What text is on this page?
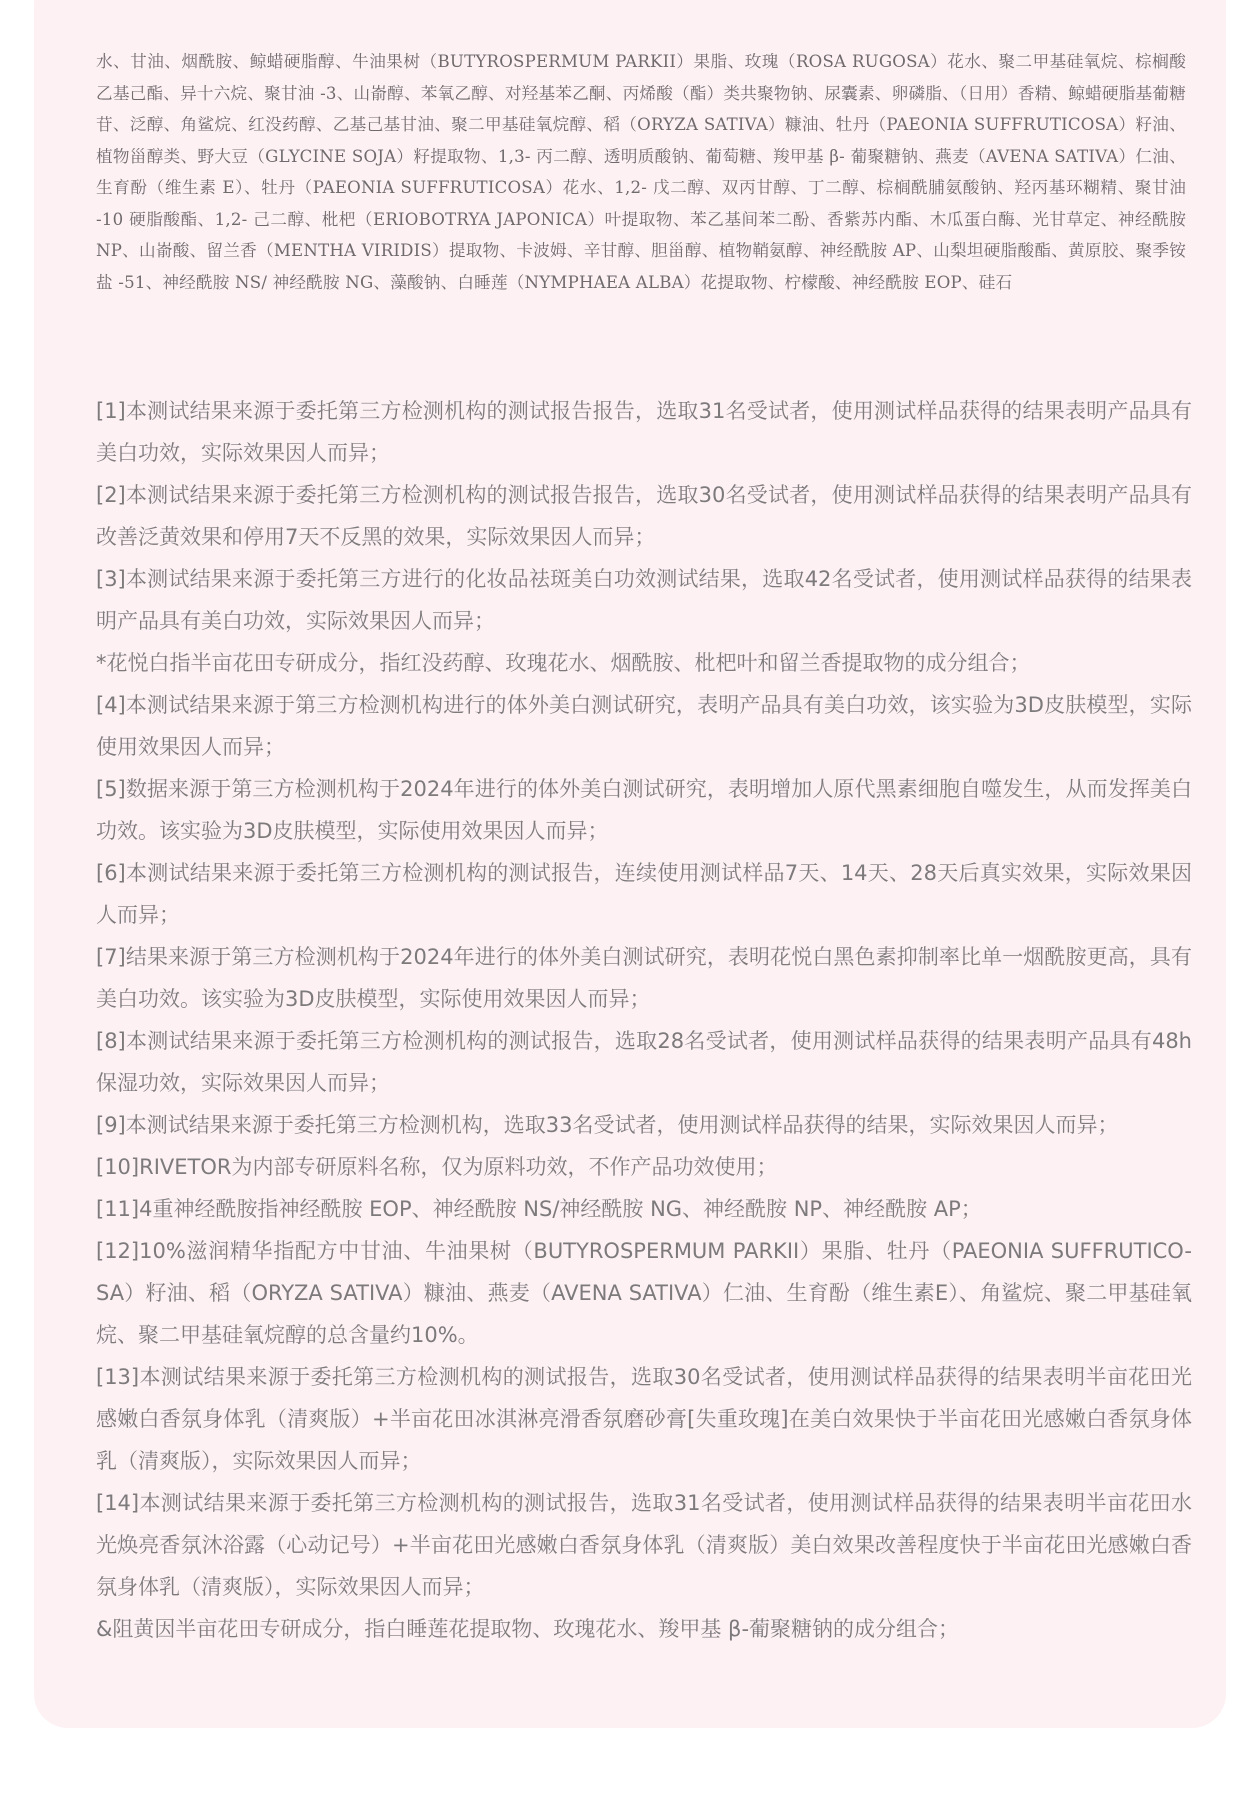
水、甘油、烟酰胺、鲸蜡硬脂醇、牛油果树（BUTYROSPERMUM PARKII）果脂、玫瑰（ROSA RUGOSA）花水、聚二甲基硅氧烷、棕榈酸乙基己酯、异十六烷、聚甘油 -3、山嵛醇、苯氧乙醇、对羟基苯乙酮、丙烯酸（酯）类共聚物钠、尿囊素、卵磷脂、（日用）香精、鲸蜡硬脂基葡糖苷、泛醇、角鲨烷、红没药醇、乙基己基甘油、聚二甲基硅氧烷醇、稻（ORYZA SATIVA）糠油、牡丹（PAEONIA SUFFRUTICOSA）籽油、植物甾醇类、野大豆（GLYCINE SOJA）籽提取物、1,3- 丙二醇、透明质酸钠、葡萄糖、羧甲基 β- 葡聚糖钠、燕麦（AVENA SATIVA）仁油、生育酚（维生素 E）、牡丹（PAEONIA SUFFRUTICOSA）花水、1,2- 戊二醇、双丙甘醇、丁二醇、棕榈酰脯氨酸钠、羟丙基环糊精、聚甘油 -10 硬脂酸酯、1,2- 己二醇、枇杷（ERIOBOTRYA JAPONICA）叶提取物、苯乙基间苯二酚、香紫苏内酯、木瓜蛋白酶、光甘草定、神经酰胺 NP、山嵛酸、留兰香（MENTHA VIRIDIS）提取物、卡波姆、辛甘醇、胆甾醇、植物鞘氨醇、神经酰胺 AP、山梨坦硬脂酸酯、黄原胶、聚季铵盐 -51、神经酰胺 NS/ 神经酰胺 NG、藻酸钠、白睡莲（NYMPHAEA ALBA）花提取物、柠檬酸、神经酰胺 EOP、硅石

[1]本测试结果来源于委托第三方检测机构的测试报告报告，选取31名受试者，使用测试样品获得的结果表明产品具有美白功效，实际效果因人而异；
[2]本测试结果来源于委托第三方检测机构的测试报告报告，选取30名受试者，使用测试样品获得的结果表明产品具有改善泛黄效果和停用7天不反黑的效果，实际效果因人而异；
[3]本测试结果来源于委托第三方进行的化妆品祛斑美白功效测试结果，选取42名受试者，使用测试样品获得的结果表明产品具有美白功效，实际效果因人而异；
*花悦白指半亩花田专研成分，指红没药醇、玫瑰花水、烟酰胺、枇杷叶和留兰香提取物的成分组合；
[4]本测试结果来源于第三方检测机构进行的体外美白测试研究，表明产品具有美白功效，该实验为3D皮肤模型，实际使用效果因人而异；
[5]数据来源于第三方检测机构于2024年进行的体外美白测试研究，表明增加人原代黑素细胞自噬发生，从而发挥美白功效。该实验为3D皮肤模型，实际使用效果因人而异；
[6]本测试结果来源于委托第三方检测机构的测试报告，连续使用测试样品7天、14天、28天后真实效果，实际效果因人而异；
[7]结果来源于第三方检测机构于2024年进行的体外美白测试研究，表明花悦白黑色素抑制率比单一烟酰胺更高，具有美白功效。该实验为3D皮肤模型，实际使用效果因人而异；
[8]本测试结果来源于委托第三方检测机构的测试报告，选取28名受试者，使用测试样品获得的结果表明产品具有48h保湿功效，实际效果因人而异；
[9]本测试结果来源于委托第三方检测机构，选取33名受试者，使用测试样品获得的结果，实际效果因人而异；
[10]RIVETOR为内部专研原料名称，仅为原料功效，不作产品功效使用；
[11]4重神经酰胺指神经酰胺 EOP、神经酰胺 NS/神经酰胺 NG、神经酰胺 NP、神经酰胺 AP；
[12]10%滋润精华指配方中甘油、牛油果树（BUTYROSPERMUM PARKII）果脂、牡丹（PAEONIA SUFFRUTICO-SA）籽油、稻（ORYZA SATIVA）糠油、燕麦（AVENA SATIVA）仁油、生育酚（维生素E）、角鲨烷、聚二甲基硅氧烷、聚二甲基硅氧烷醇的总含量约10%。
[13]本测试结果来源于委托第三方检测机构的测试报告，选取30名受试者，使用测试样品获得的结果表明半亩花田光感嫩白香氛身体乳（清爽版）+半亩花田冰淇淋亮滑香氛磨砂膏[失重玫瑰]在美白效果快于半亩花田光感嫩白香氛身体乳（清爽版），实际效果因人而异；
[14]本测试结果来源于委托第三方检测机构的测试报告，选取31名受试者，使用测试样品获得的结果表明半亩花田水光焕亮香氛沐浴露（心动记号）+半亩花田光感嫩白香氛身体乳（清爽版）美白效果改善程度快于半亩花田光感嫩白香氛身体乳（清爽版），实际效果因人而异；
&阻黄因半亩花田专研成分，指白睡莲花提取物、玫瑰花水、羧甲基 β-葡聚糖钠的成分组合；
